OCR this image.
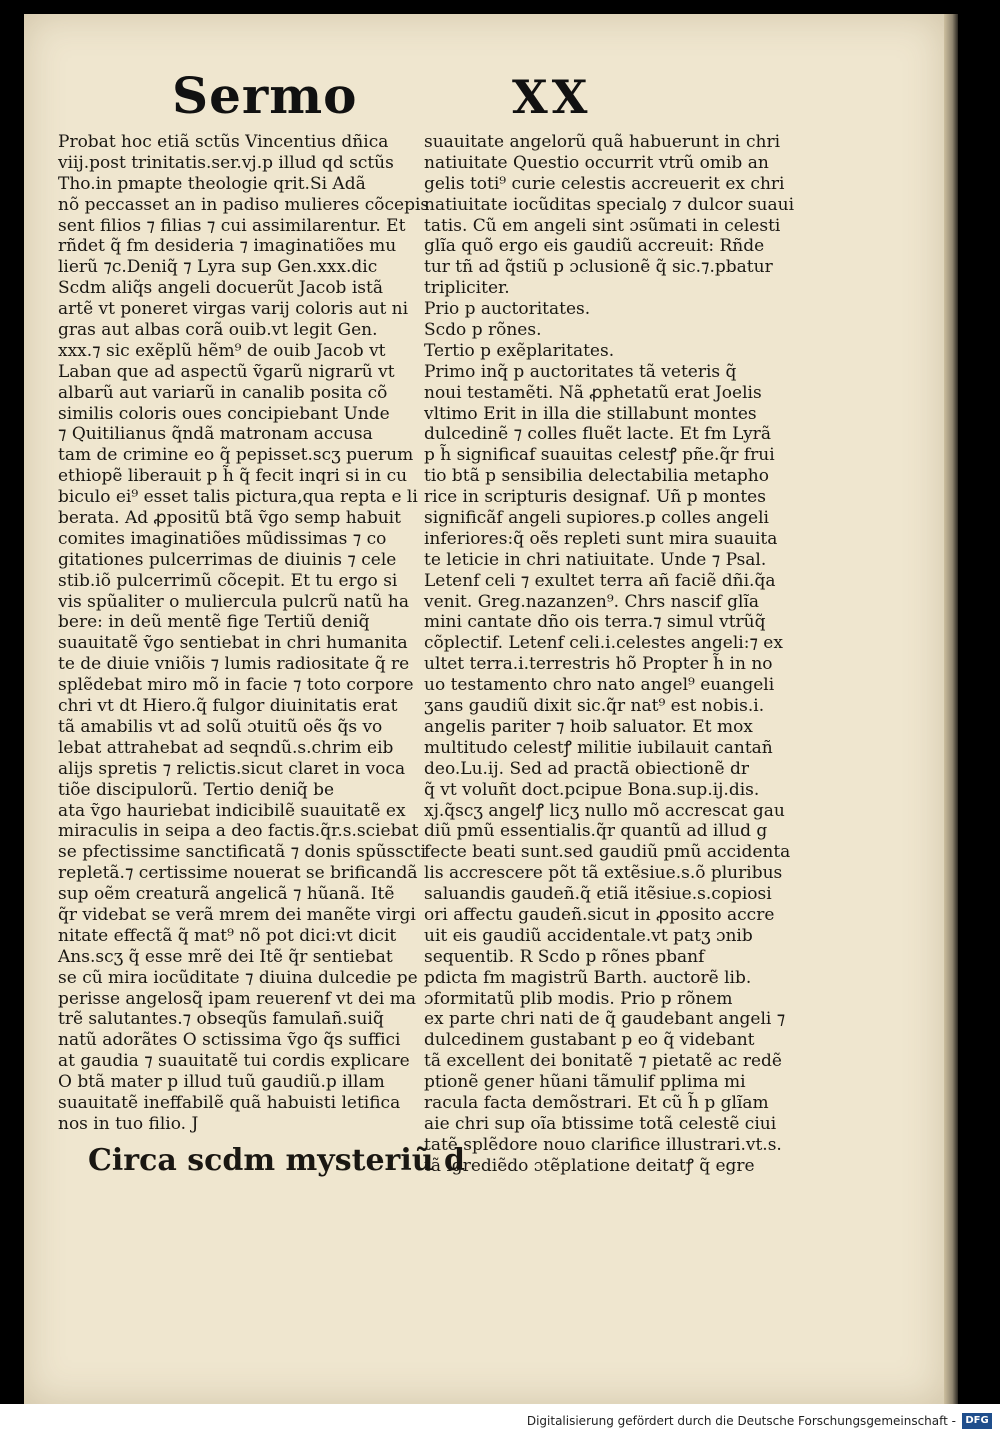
Sermo	XX
Probat hoc etiã sctũs Vincentius dñica
viij.post trinitatis.ser.vj.p illud qd sctũs
Tho.in pmapte theologie qrit.Si Adã
nõ peccasset an in padiso mulieres cõcepis
sent filios ⁊ filias ⁊ cui assimilarentur. Et
rñdet q̃ fm desideria ⁊ imaginatiões mu
lierũ ⁊c.Deniq̃ ⁊ Lyra sup Gen.xxx.dic
Scdm aliq̃s angeli docuerũt Jacob istã
artẽ vt poneret virgas varij coloris aut ni
gras aut albas corã ouib.vt legit Gen.
xxx.⁊ sic exẽplũ hẽm⁹ de ouib Jacob vt
Laban que ad aspectũ ṽgarũ nigrarũ vt
albarũ aut variarũ in canalib posita cõ
similis coloris oues concipiebant Unde
⁊ Quitilianus q̃ndã matronam accusa
tam de crimine eo q̃ pepisset.scʒ puerum
ethiopẽ liberauit p h̃ q̃ fecit inqri si in cu
biculo ei⁹ esset talis pictura,qua repta e li
berata. Ad ꝓpositũ btã ṽgo semp habuit
comites imaginatiões mũdissimas ⁊ co
gitationes pulcerrimas de diuinis ⁊ cele
stib.iõ pulcerrimũ cõcepit. Et tu ergo si
vis spũaliter o muliercula pulcrũ natũ ha
bere: in deũ mentẽ fige Tertiũ deniq̃
suauitatẽ ṽgo sentiebat in chri humanita
te de diuie vniõis ⁊ lumis radiositate q̃ re
splẽdebat miro mõ in facie ⁊ toto corpore
chri vt dt Hiero.q̃ fulgor diuinitatis erat
tã amabilis vt ad solũ ɔtuitũ oẽs q̃s vo
lebat attrahebat ad seqndũ.s.chrim eib
alijs spretis ⁊ relictis.sicut claret in voca
tiõe discipulorũ. Tertio deniq̃ be
ata ṽgo hauriebat indicibilẽ suauitatẽ ex
miraculis in seipa a deo factis.q̃r.s.sciebat
se pfectissime sanctificatã ⁊ donis spũsscti
repletã.⁊ certissime nouerat se brificandã
sup oẽm creaturã angelicã ⁊ hũanã. Itẽ
q̃r videbat se verã mrem dei manẽte virgi
nitate effectã q̃ mat⁹ nõ pot dici:vt dicit
Ans.scʒ q̃ esse mrẽ dei Itẽ q̃r sentiebat
se cũ mira iocũditate ⁊ diuina dulcedie pe
perisse angelosq̃ ipam reuerenf vt dei ma
trẽ salutantes.⁊ obseqũs famulañ.suiq̃
natũ adorãtes O sctissima ṽgo q̃s suffici
at gaudia ⁊ suauitatẽ tui cordis explicare
O btã mater p illud tuũ gaudiũ.p illam
suauitatẽ ineffabilẽ quã habuisti letifica
nos in tuo filio. J
Circa scdm mysteriũ d
suauitate angelorũ quã habuerunt in chri
natiuitate Questio occurrit vtrũ omib an
gelis toti⁹ curie celestis accreuerit ex chri
natiuitate iocũditas specialꝯ ⁊ dulcor suaui
tatis. Cũ em angeli sint ɔsũmati in celesti
glĩa quõ ergo eis gaudiũ accreuit: Rñde
tur tñ ad q̃stiũ p ɔclusionẽ q̃ sic.⁊.pbatur
tripliciter.
Prio p auctoritates.
Scdo p rõnes.
Tertio p exẽplaritates.
Primo inq̃ p auctoritates tã veteris q̃
noui testamẽti. Nã ꝓphetatũ erat Joelis
vltimo Erit in illa die stillabunt montes
dulcedinẽ ⁊ colles fluẽt lacte. Et fm Lyrã
p h̃ significaf suauitas celestꝭ pñe.q̃r frui
tio btã p sensibilia delectabilia metapho
rice in scripturis designaf. Uñ p montes
significãf angeli supiores.p colles angeli
inferiores:q̃ oẽs repleti sunt mira suauita
te leticie in chri natiuitate. Unde ⁊ Psal.
Letenf celi ⁊ exultet terra añ faciẽ dñi.q̃a
venit. Greg.nazanzen⁹. Chrs nascif glĩa
mini cantate dño ois terra.⁊ simul vtrũq̃
cõplectif. Letenf celi.i.celestes angeli:⁊ ex
ultet terra.i.terrestris hõ Propter h̃ in no
uo testamento chro nato angel⁹ euangeli
ʒans gaudiũ dixit sic.q̃r nat⁹ est nobis.i.
angelis pariter ⁊ hoib saluator. Et mox
multitudo celestꝭ militie iubilauit cantañ
deo.Lu.ij. Sed ad practã obiectionẽ dr
q̃ vt voluñt doct.pcipue Bona.sup.ij.dis.
xj.q̃scʒ angelꝭ licʒ nullo mõ accrescat gau
diũ pmũ essentialis.q̃r quantũ ad illud g
fecte beati sunt.sed gaudiũ pmũ accidenta
lis accrescere põt tã extẽsiue.s.õ pluribus
saluandis gaudeñ.q̃ etiã itẽsiue.s.copiosi
ori affectu gaudeñ.sicut in ꝓposito accre
uit eis gaudiũ accidentale.vt patʒ ɔnib
sequentib. R Scdo p rõnes pbanf
pdicta fm magistrũ Barth. auctorẽ lib.
ɔformitatũ plib modis. Prio p rõnem
ex parte chri nati de q̃ gaudebant angeli ⁊
dulcedinem gustabant p eo q̃ videbant
tã excellent dei bonitatẽ ⁊ pietatẽ ac redẽ
ptionẽ gener hũani tãmulif pplima mi
racula facta demõstrari. Et cũ h̃ p glĩam
aie chri sup oĩa btissime totã celestẽ ciui
tatẽ splẽdore nouo clarifice illustrari.vt.s.
tã igrediẽdo ɔtẽplatione deitatꝭ q̃ egre
Digitalisierung gefördert durch die Deutsche Forschungsgemeinschaft - DFG
